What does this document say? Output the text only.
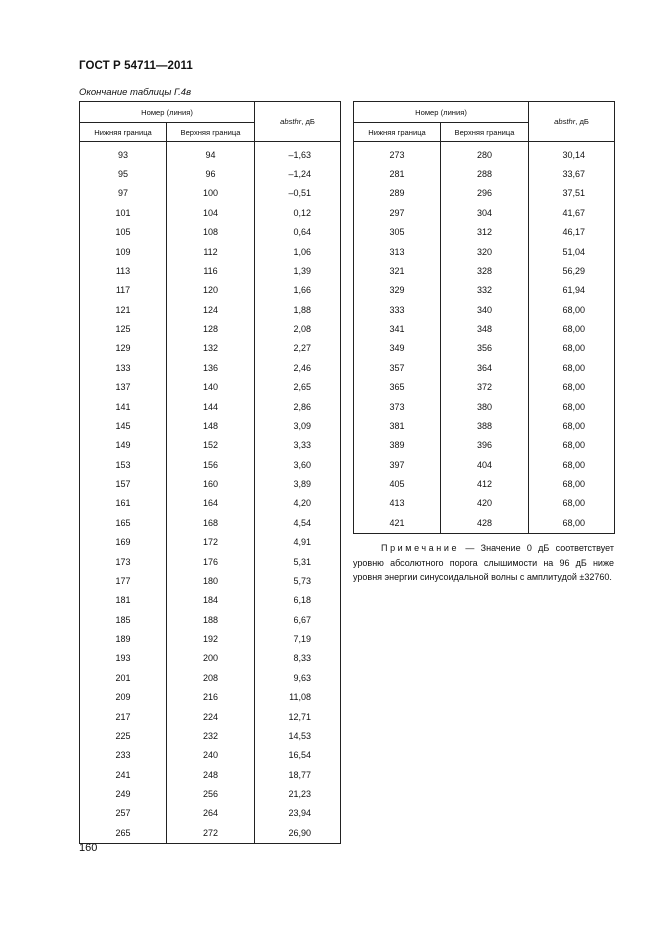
ГОСТ Р 54711—2011
Окончание таблицы Г.4в
Номер (линия)		absthr, дБ
Нижняя граница	Верхняя граница	
93	94	–1,63
95	96	–1,24
97	100	–0,51
101	104	0,12
105	108	0,64
109	112	1,06
113	116	1,39
117	120	1,66
121	124	1,88
125	128	2,08
129	132	2,27
133	136	2,46
137	140	2,65
141	144	2,86
145	148	3,09
149	152	3,33
153	156	3,60
157	160	3,89
161	164	4,20
165	168	4,54
169	172	4,91
173	176	5,31
177	180	5,73
181	184	6,18
185	188	6,67
189	192	7,19
193	200	8,33
201	208	9,63
209	216	11,08
217	224	12,71
225	232	14,53
233	240	16,54
241	248	18,77
249	256	21,23
257	264	23,94
265	272	26,90
Номер (линия)		absthr, дБ
Нижняя граница	Верхняя граница	
273	280	30,14
281	288	33,67
289	296	37,51
297	304	41,67
305	312	46,17
313	320	51,04
321	328	56,29
329	332	61,94
333	340	68,00
341	348	68,00
349	356	68,00
357	364	68,00
365	372	68,00
373	380	68,00
381	388	68,00
389	396	68,00
397	404	68,00
405	412	68,00
413	420	68,00
421	428	68,00
Примечание — Значение 0 дБ соответствует уровню абсолютного порога слышимости на 96 дБ ниже уровня энергии синусоидальной волны с амплитудой ±32760.
160
